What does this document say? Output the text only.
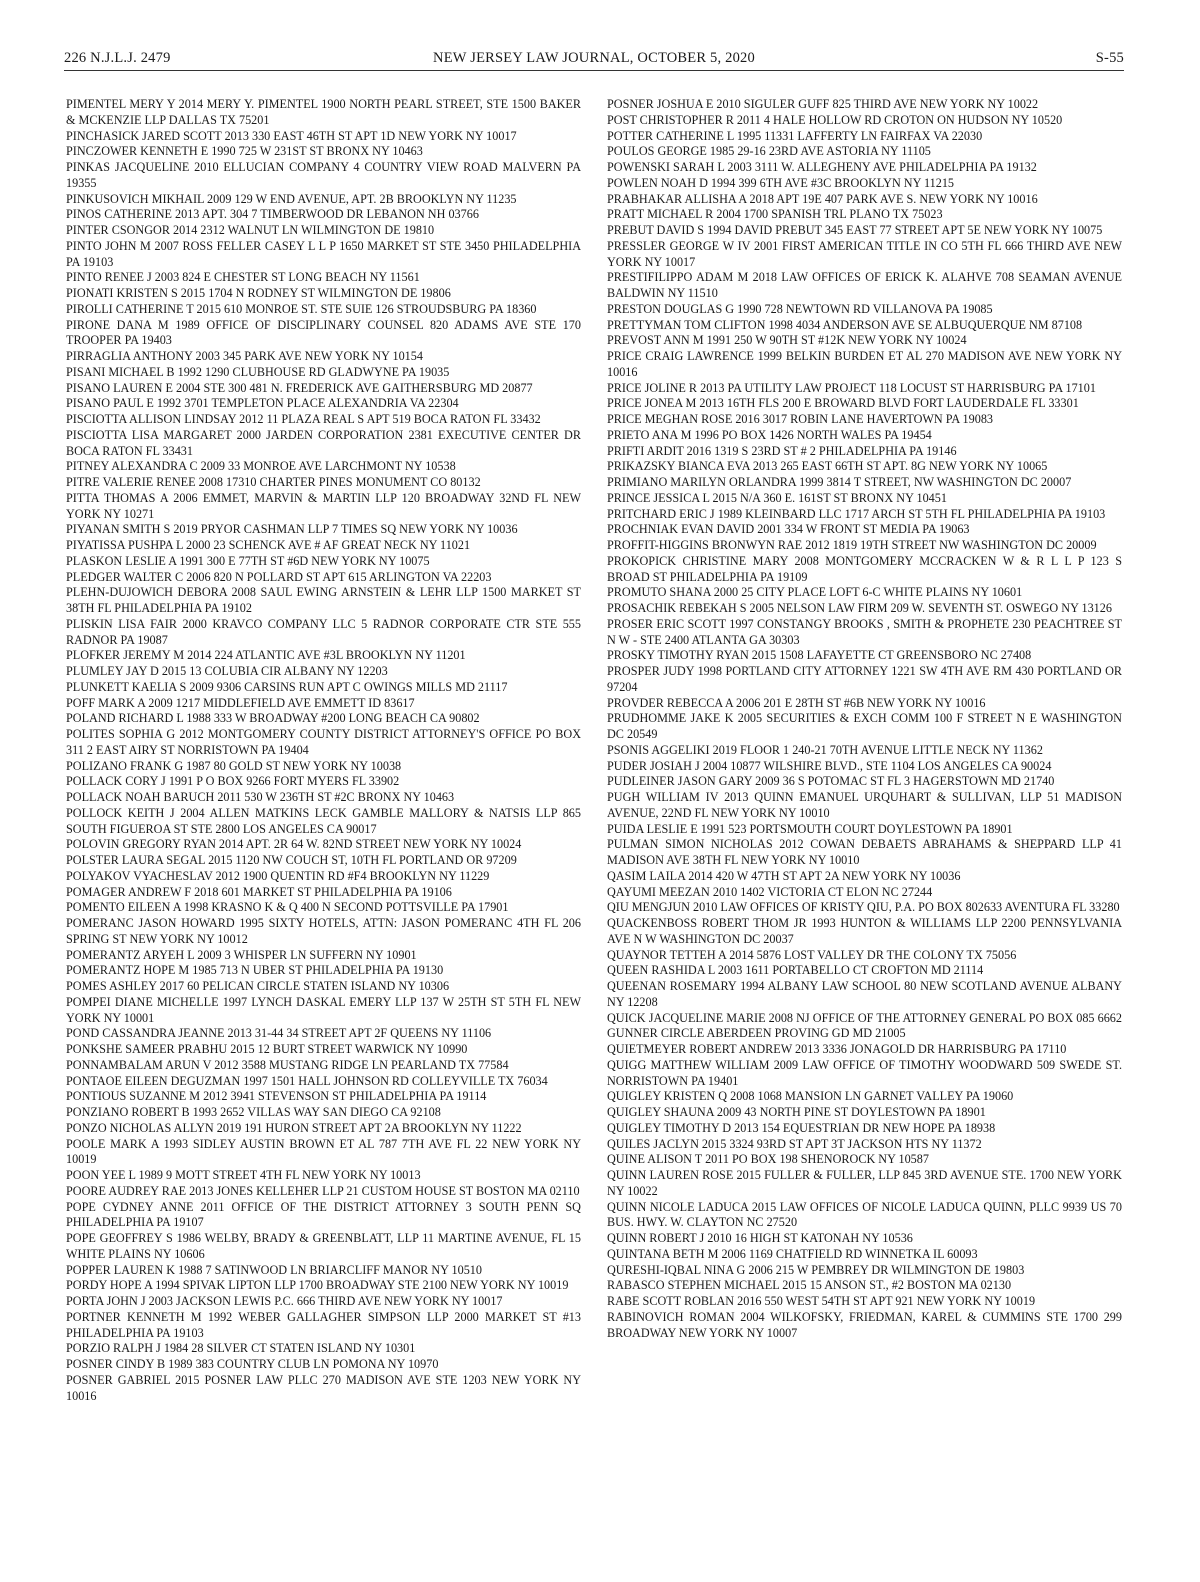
226 N.J.L.J. 2479	NEW JERSEY LAW JOURNAL, OCTOBER 5, 2020	S-55

PIMENTEL MERY Y 2014 MERY Y. PIMENTEL 1900 NORTH PEARL STREET, STE 1500 BAKER & MCKENZIE LLP DALLAS TX 75201

PINCHASICK JARED SCOTT 2013 330 EAST 46TH ST APT 1D NEW YORK NY 10017

PINCZOWER KENNETH E 1990 725 W 231ST ST BRONX NY 10463

PINKAS JACQUELINE 2010 ELLUCIAN COMPANY 4 COUNTRY VIEW ROAD MALVERN PA 19355

PINKUSOVICH MIKHAIL 2009 129 W END AVENUE, APT. 2B BROOKLYN NY 11235

PINOS CATHERINE 2013 APT. 304 7 TIMBERWOOD DR LEBANON NH 03766

PINTER CSONGOR 2014 2312 WALNUT LN WILMINGTON DE 19810

PINTO JOHN M 2007 ROSS FELLER CASEY L L P 1650 MARKET ST STE 3450 PHILADELPHIA PA 19103

PINTO RENEE J 2003 824 E CHESTER ST LONG BEACH NY 11561

PIONATI KRISTEN S 2015 1704 N RODNEY ST WILMINGTON DE 19806

PIROLLI CATHERINE T 2015 610 MONROE ST. STE SUIE 126 STROUDSBURG PA 18360

PIRONE DANA M 1989 OFFICE OF DISCIPLINARY COUNSEL 820 ADAMS AVE STE 170 TROOPER PA 19403

PIRRAGLIA ANTHONY 2003 345 PARK AVE NEW YORK NY 10154

PISANI MICHAEL B 1992 1290 CLUBHOUSE RD GLADWYNE PA 19035

PISANO LAUREN E 2004 STE 300 481 N. FREDERICK AVE GAITHERSBURG MD 20877

PISANO PAUL E 1992 3701 TEMPLETON PLACE ALEXANDRIA VA 22304

PISCIOTTA ALLISON LINDSAY 2012 11 PLAZA REAL S APT 519 BOCA RATON FL 33432

PISCIOTTA LISA MARGARET 2000 JARDEN CORPORATION 2381 EXECUTIVE CENTER DR BOCA RATON FL 33431

PITNEY ALEXANDRA C 2009 33 MONROE AVE LARCHMONT NY 10538

PITRE VALERIE RENEE 2008 17310 CHARTER PINES MONUMENT CO 80132

PITTA THOMAS A 2006 EMMET, MARVIN & MARTIN LLP 120 BROADWAY 32ND FL NEW YORK NY 10271

PIYANAN SMITH S 2019 PRYOR CASHMAN LLP 7 TIMES SQ NEW YORK NY 10036

PIYATISSA PUSHPA L 2000 23 SCHENCK AVE # AF GREAT NECK NY 11021

PLASKON LESLIE A 1991 300 E 77TH ST #6D NEW YORK NY 10075

PLEDGER WALTER C 2006 820 N POLLARD ST APT 615 ARLINGTON VA 22203

PLEHN-DUJOWICH DEBORA 2008 SAUL EWING ARNSTEIN & LEHR LLP 1500 MARKET ST 38TH FL PHILADELPHIA PA 19102

PLISKIN LISA FAIR 2000 KRAVCO COMPANY LLC 5 RADNOR CORPORATE CTR STE 555 RADNOR PA 19087

PLOFKER JEREMY M 2014 224 ATLANTIC AVE #3L BROOKLYN NY 11201

PLUMLEY JAY D 2015 13 COLUBIA CIR ALBANY NY 12203

PLUNKETT KAELIA S 2009 9306 CARSINS RUN APT C OWINGS MILLS MD 21117

POFF MARK A 2009 1217 MIDDLEFIELD AVE EMMETT ID 83617

POLAND RICHARD L 1988 333 W BROADWAY #200 LONG BEACH CA 90802

POLITES SOPHIA G 2012 MONTGOMERY COUNTY DISTRICT ATTORNEY'S OFFICE PO BOX 311 2 EAST AIRY ST NORRISTOWN PA 19404

POLIZANO FRANK G 1987 80 GOLD ST NEW YORK NY 10038

POLLACK CORY J 1991 P O BOX 9266 FORT MYERS FL 33902

POLLACK NOAH BARUCH 2011 530 W 236TH ST #2C BRONX NY 10463

POLLOCK KEITH J 2004 ALLEN MATKINS LECK GAMBLE MALLORY & NATSIS LLP 865 SOUTH FIGUEROA ST STE 2800 LOS ANGELES CA 90017

POLOVIN GREGORY RYAN 2014 APT. 2R 64 W. 82ND STREET NEW YORK NY 10024

POLSTER LAURA SEGAL 2015 1120 NW COUCH ST, 10TH FL PORTLAND OR 97209

POLYAKOV VYACHESLAV 2012 1900 QUENTIN RD #F4 BROOKLYN NY 11229

POMAGER ANDREW F 2018 601 MARKET ST PHILADELPHIA PA 19106

POMENTO EILEEN A 1998 KRASNO K & Q 400 N SECOND POTTSVILLE PA 17901

POMERANC JASON HOWARD 1995 SIXTY HOTELS, ATTN: JASON POMERANC 4TH FL 206 SPRING ST NEW YORK NY 10012

POMERANTZ ARYEH L 2009 3 WHISPER LN SUFFERN NY 10901

POMERANTZ HOPE M 1985 713 N UBER ST PHILADELPHIA PA 19130

POMES ASHLEY 2017 60 PELICAN CIRCLE STATEN ISLAND NY 10306

POMPEI DIANE MICHELLE 1997 LYNCH DASKAL EMERY LLP 137 W 25TH ST 5TH FL NEW YORK NY 10001

POND CASSANDRA JEANNE 2013 31-44 34 STREET APT 2F QUEENS NY 11106

PONKSHE SAMEER PRABHU 2015 12 BURT STREET WARWICK NY 10990

PONNAMBALAM ARUN V 2012 3588 MUSTANG RIDGE LN PEARLAND TX 77584

PONTAOE EILEEN DEGUZMAN 1997 1501 HALL JOHNSON RD COLLEYVILLE TX 76034

PONTIOUS SUZANNE M 2012 3941 STEVENSON ST PHILADELPHIA PA 19114

PONZIANO ROBERT B 1993 2652 VILLAS WAY SAN DIEGO CA 92108

PONZO NICHOLAS ALLYN 2019 191 HURON STREET APT 2A BROOKLYN NY 11222

POOLE MARK A 1993 SIDLEY AUSTIN BROWN ET AL 787 7TH AVE FL 22 NEW YORK NY 10019

POON YEE L 1989 9 MOTT STREET 4TH FL NEW YORK NY 10013

POORE AUDREY RAE 2013 JONES KELLEHER LLP 21 CUSTOM HOUSE ST BOSTON MA 02110

POPE CYDNEY ANNE 2011 OFFICE OF THE DISTRICT ATTORNEY 3 SOUTH PENN SQ PHILADELPHIA PA 19107

POPE GEOFFREY S 1986 WELBY, BRADY & GREENBLATT, LLP 11 MARTINE AVENUE, FL 15 WHITE PLAINS NY 10606

POPPER LAUREN K 1988 7 SATINWOOD LN BRIARCLIFF MANOR NY 10510

PORDY HOPE A 1994 SPIVAK LIPTON LLP 1700 BROADWAY STE 2100 NEW YORK NY 10019

PORTA JOHN J 2003 JACKSON LEWIS P.C. 666 THIRD AVE NEW YORK NY 10017

PORTNER KENNETH M 1992 WEBER GALLAGHER SIMPSON LLP 2000 MARKET ST #13 PHILADELPHIA PA 19103

PORZIO RALPH J 1984 28 SILVER CT STATEN ISLAND NY 10301

POSNER CINDY B 1989 383 COUNTRY CLUB LN POMONA NY 10970

POSNER GABRIEL 2015 POSNER LAW PLLC 270 MADISON AVE STE 1203 NEW YORK NY 10016

POSNER JOSHUA E 2010 SIGULER GUFF 825 THIRD AVE NEW YORK NY 10022

POST CHRISTOPHER R 2011 4 HALE HOLLOW RD CROTON ON HUDSON NY 10520

POTTER CATHERINE L 1995 11331 LAFFERTY LN FAIRFAX VA 22030

POULOS GEORGE 1985 29-16 23RD AVE ASTORIA NY 11105

POWENSKI SARAH L 2003 3111 W. ALLEGHENY AVE PHILADELPHIA PA 19132

POWLEN NOAH D 1994 399 6TH AVE #3C BROOKLYN NY 11215

PRABHAKAR ALLISHA A 2018 APT 19E 407 PARK AVE S. NEW YORK NY 10016

PRATT MICHAEL R 2004 1700 SPANISH TRL PLANO TX 75023

PREBUT DAVID S 1994 DAVID PREBUT 345 EAST 77 STREET APT 5E NEW YORK NY 10075

PRESSLER GEORGE W IV 2001 FIRST AMERICAN TITLE IN CO 5TH FL 666 THIRD AVE NEW YORK NY 10017

PRESTIFILIPPO ADAM M 2018 LAW OFFICES OF ERICK K. ALAHVE 708 SEAMAN AVENUE BALDWIN NY 11510

PRESTON DOUGLAS G 1990 728 NEWTOWN RD VILLANOVA PA 19085

PRETTYMAN TOM CLIFTON 1998 4034 ANDERSON AVE SE ALBUQUERQUE NM 87108

PREVOST ANN M 1991 250 W 90TH ST #12K NEW YORK NY 10024

PRICE CRAIG LAWRENCE 1999 BELKIN BURDEN ET AL 270 MADISON AVE NEW YORK NY 10016

PRICE JOLINE R 2013 PA UTILITY LAW PROJECT 118 LOCUST ST HARRISBURG PA 17101

PRICE JONEA M 2013 16TH FLS 200 E BROWARD BLVD FORT LAUDERDALE FL 33301

PRICE MEGHAN ROSE 2016 3017 ROBIN LANE HAVERTOWN PA 19083

PRIETO ANA M 1996 PO BOX 1426 NORTH WALES PA 19454

PRIFTI ARDIT 2016 1319 S 23RD ST # 2 PHILADELPHIA PA 19146

PRIKAZSKY BIANCA EVA 2013 265 EAST 66TH ST APT. 8G NEW YORK NY 10065

PRIMIANO MARILYN ORLANDRA 1999 3814 T STREET, NW WASHINGTON DC 20007

PRINCE JESSICA L 2015 N/A 360 E. 161ST ST BRONX NY 10451

PRITCHARD ERIC J 1989 KLEINBARD LLC 1717 ARCH ST 5TH FL PHILADELPHIA PA 19103

PROCHNIAK EVAN DAVID 2001 334 W FRONT ST MEDIA PA 19063

PROFFIT-HIGGINS BRONWYN RAE 2012 1819 19TH STREET NW WASHINGTON DC 20009

PROKOPICK CHRISTINE MARY 2008 MONTGOMERY MCCRACKEN W & R L L P 123 S BROAD ST PHILADELPHIA PA 19109

PROMUTO SHANA 2000 25 CITY PLACE LOFT 6-C WHITE PLAINS NY 10601

PROSACHIK REBEKAH S 2005 NELSON LAW FIRM 209 W. SEVENTH ST. OSWEGO NY 13126

PROSER ERIC SCOTT 1997 CONSTANGY BROOKS , SMITH & PROPHETE 230 PEACHTREE ST N W - STE 2400 ATLANTA GA 30303

PROSKY TIMOTHY RYAN 2015 1508 LAFAYETTE CT GREENSBORO NC 27408

PROSPER JUDY 1998 PORTLAND CITY ATTORNEY 1221 SW 4TH AVE RM 430 PORTLAND OR 97204

PROVDER REBECCA A 2006 201 E 28TH ST #6B NEW YORK NY 10016

PRUDHOMME JAKE K 2005 SECURITIES & EXCH COMM 100 F STREET N E WASHINGTON DC 20549

PSONIS AGGELIKI 2019 FLOOR 1 240-21 70TH AVENUE LITTLE NECK NY 11362

PUDER JOSIAH J 2004 10877 WILSHIRE BLVD., STE 1104 LOS ANGELES CA 90024

PUDLEINER JASON GARY 2009 36 S POTOMAC ST FL 3 HAGERSTOWN MD 21740

PUGH WILLIAM IV 2013 QUINN EMANUEL URQUHART & SULLIVAN, LLP 51 MADISON AVENUE, 22ND FL NEW YORK NY 10010

PUIDA LESLIE E 1991 523 PORTSMOUTH COURT DOYLESTOWN PA 18901

PULMAN SIMON NICHOLAS 2012 COWAN DEBAETS ABRAHAMS & SHEPPARD LLP 41 MADISON AVE 38TH FL NEW YORK NY 10010

QASIM LAILA 2014 420 W 47TH ST APT 2A NEW YORK NY 10036

QAYUMI MEEZAN 2010 1402 VICTORIA CT ELON NC 27244

QIU MENGJUN 2010 LAW OFFICES OF KRISTY QIU, P.A. PO BOX 802633 AVENTURA FL 33280

QUACKENBOSS ROBERT THOM JR 1993 HUNTON & WILLIAMS LLP 2200 PENNSYLVANIA AVE N W WASHINGTON DC 20037

QUAYNOR TETTEH A 2014 5876 LOST VALLEY DR THE COLONY TX 75056

QUEEN RASHIDA L 2003 1611 PORTABELLO CT CROFTON MD 21114

QUEENAN ROSEMARY 1994 ALBANY LAW SCHOOL 80 NEW SCOTLAND AVENUE ALBANY NY 12208

QUICK JACQUELINE MARIE 2008 NJ OFFICE OF THE ATTORNEY GENERAL PO BOX 085 6662 GUNNER CIRCLE ABERDEEN PROVING GD MD 21005

QUIETMEYER ROBERT ANDREW 2013 3336 JONAGOLD DR HARRISBURG PA 17110

QUIGG MATTHEW WILLIAM 2009 LAW OFFICE OF TIMOTHY WOODWARD 509 SWEDE ST. NORRISTOWN PA 19401

QUIGLEY KRISTEN Q 2008 1068 MANSION LN GARNET VALLEY PA 19060

QUIGLEY SHAUNA 2009 43 NORTH PINE ST DOYLESTOWN PA 18901

QUIGLEY TIMOTHY D 2013 154 EQUESTRIAN DR NEW HOPE PA 18938

QUILES JACLYN 2015 3324 93RD ST APT 3T JACKSON HTS NY 11372

QUINE ALISON T 2011 PO BOX 198 SHENOROCK NY 10587

QUINN LAUREN ROSE 2015 FULLER & FULLER, LLP 845 3RD AVENUE STE. 1700 NEW YORK NY 10022

QUINN NICOLE LADUCA 2015 LAW OFFICES OF NICOLE LADUCA QUINN, PLLC 9939 US 70 BUS. HWY. W. CLAYTON NC 27520

QUINN ROBERT J 2010 16 HIGH ST KATONAH NY 10536

QUINTANA BETH M 2006 1169 CHATFIELD RD WINNETKA IL 60093

QURESHI-IQBAL NINA G 2006 215 W PEMBREY DR WILMINGTON DE 19803

RABASCO STEPHEN MICHAEL 2015 15 ANSON ST., #2 BOSTON MA 02130

RABE SCOTT ROBLAN 2016 550 WEST 54TH ST APT 921 NEW YORK NY 10019

RABINOVICH ROMAN 2004 WILKOFSKY, FRIEDMAN, KAREL & CUMMINS STE 1700 299 BROADWAY NEW YORK NY 10007
